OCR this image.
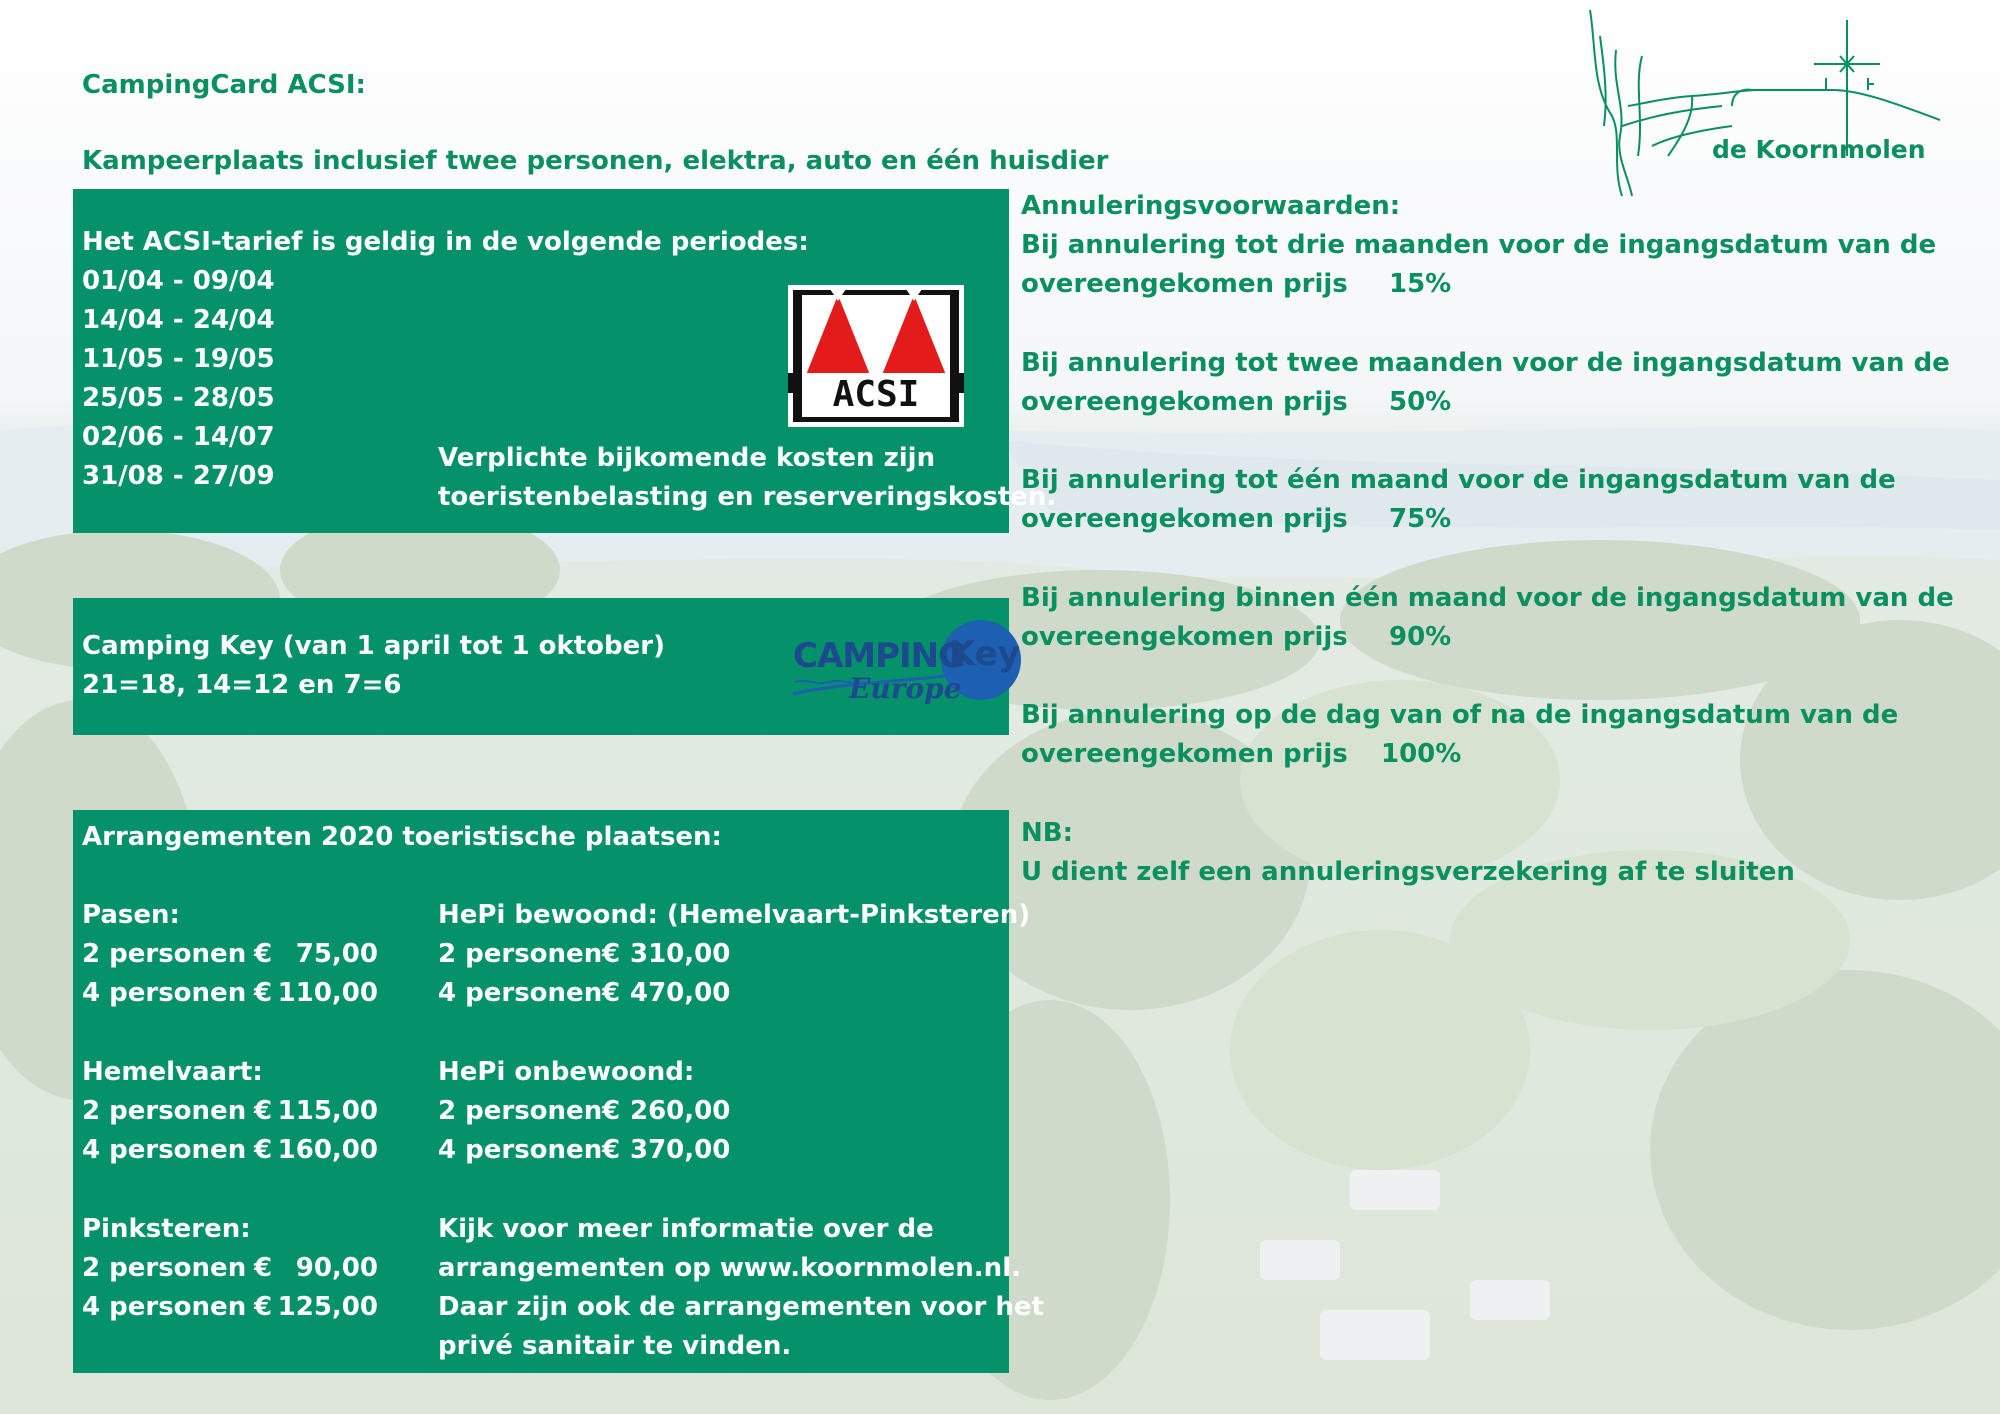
CampingCard ACSI:
Kampeerplaats inclusief twee personen, elektra, auto en één huisdier	de Koornmolen
Het ACSI-tarief is geldig in de volgende periodes:
01/04 - 09/04
14/04 - 24/04
11/05 - 19/05
25/05 - 28/05
02/06 - 14/07
31/08 - 27/09
Verplichte bijkomende kosten zijn
toeristenbelasting en reserveringskosten.
ACSI
Camping Key (van 1 april tot 1 oktober)
21=18, 14=12 en 7=6
CAMPING
Key
Europe
Arrangementen 2020 toeristische plaatsen:
Pasen:
2 personen € 75,00
4 personen € 110,00
Hemelvaart:
2 personen € 115,00
4 personen € 160,00
Pinksteren:
2 personen € 90,00
4 personen € 125,00
HePi bewoond: (Hemelvaart-Pinksteren)
2 personen € 310,00
4 personen € 470,00
HePi onbewoond:
2 personen € 260,00
4 personen € 370,00
Kijk voor meer informatie over de
arrangementen op www.koornmolen.nl.
Daar zijn ook de arrangementen voor het
privé sanitair te vinden.
Annuleringsvoorwaarden:
Bij annulering tot drie maanden voor de ingangsdatum van de
overeengekomen prijs 15%
Bij annulering tot twee maanden voor de ingangsdatum van de
overeengekomen prijs 50%
Bij annulering tot één maand voor de ingangsdatum van de
overeengekomen prijs 75%
Bij annulering binnen één maand voor de ingangsdatum van de
overeengekomen prijs 90%
Bij annulering op de dag van of na de ingangsdatum van de
overeengekomen prijs 100%
NB:
U dient zelf een annuleringsverzekering af te sluiten
